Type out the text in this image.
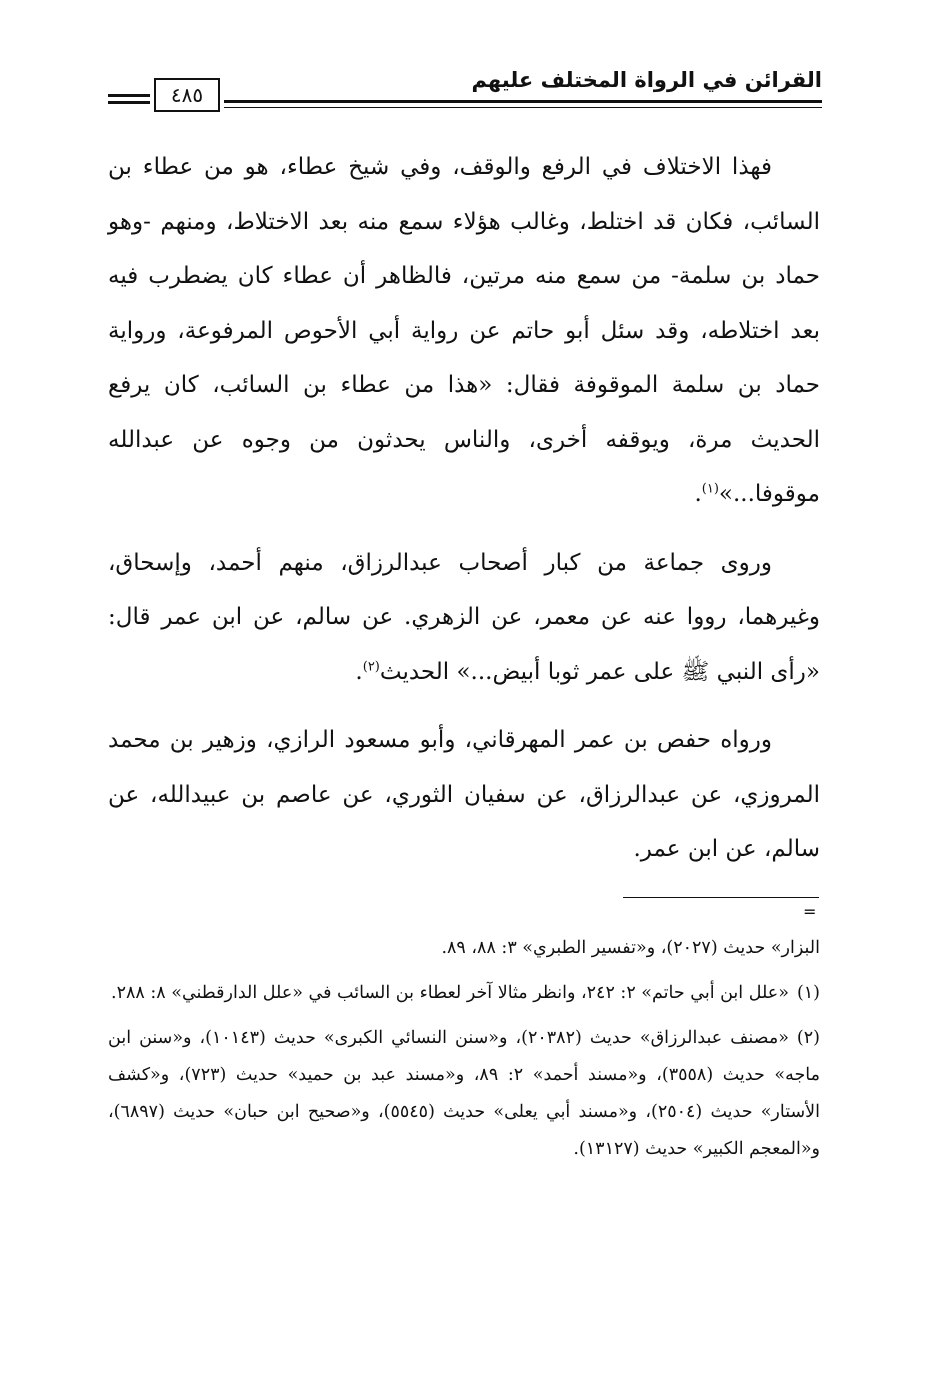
٤٨٥
القرائن في الرواة المختلف عليهم

فهذا الاختلاف في الرفع والوقف، وفي شيخ عطاء، هو من عطاء بن السائب، فكان قد اختلط، وغالب هؤلاء سمع منه بعد الاختلاط، ومنهم -وهو حماد بن سلمة- من سمع منه مرتين، فالظاهر أن عطاء كان يضطرب فيه بعد اختلاطه، وقد سئل أبو حاتم عن رواية أبي الأحوص المرفوعة، ورواية حماد بن سلمة الموقوفة فقال: «هذا من عطاء بن السائب، كان يرفع الحديث مرة، ويوقفه أخرى، والناس يحدثون من وجوه عن عبدالله موقوفا...»$^{(١)}$.

وروى جماعة من كبار أصحاب عبدالرزاق، منهم أحمد، وإسحاق، وغيرهما، رووا عنه عن معمر، عن الزهري. عن سالم، عن ابن عمر قال: «رأى النبي ﷺ على عمر ثوبا أبيض...» الحديث$^{(٢)}$.

ورواه حفص بن عمر المهرقاني، وأبو مسعود الرازي، وزهير بن محمد المروزي، عن عبدالرزاق، عن سفيان الثوري، عن عاصم بن عبيدالله، عن سالم، عن ابن عمر.

=
البزار» حديث (٢٠٢٧)، و«تفسير الطبري» ٣: ٨٨، ٨٩.
(١)«علل ابن أبي حاتم» ٢: ٢٤٢، وانظر مثالا آخر لعطاء بن السائب في «علل الدارقطني» ٨: ٢٨٨.
(٢)«مصنف عبدالرزاق» حديث (٢٠٣٨٢)، و«سنن النسائي الكبرى» حديث (١٠١٤٣)، و«سنن ابن ماجه» حديث (٣٥٥٨)، و«مسند أحمد» ٢: ٨٩، و«مسند عبد بن حميد» حديث (٧٢٣)، و«كشف الأستار» حديث (٢٥٠٤)، و«مسند أبي يعلى» حديث (٥٥٤٥)، و«صحيح ابن حبان» حديث (٦٨٩٧)، و«المعجم الكبير» حديث (١٣١٢٧).
